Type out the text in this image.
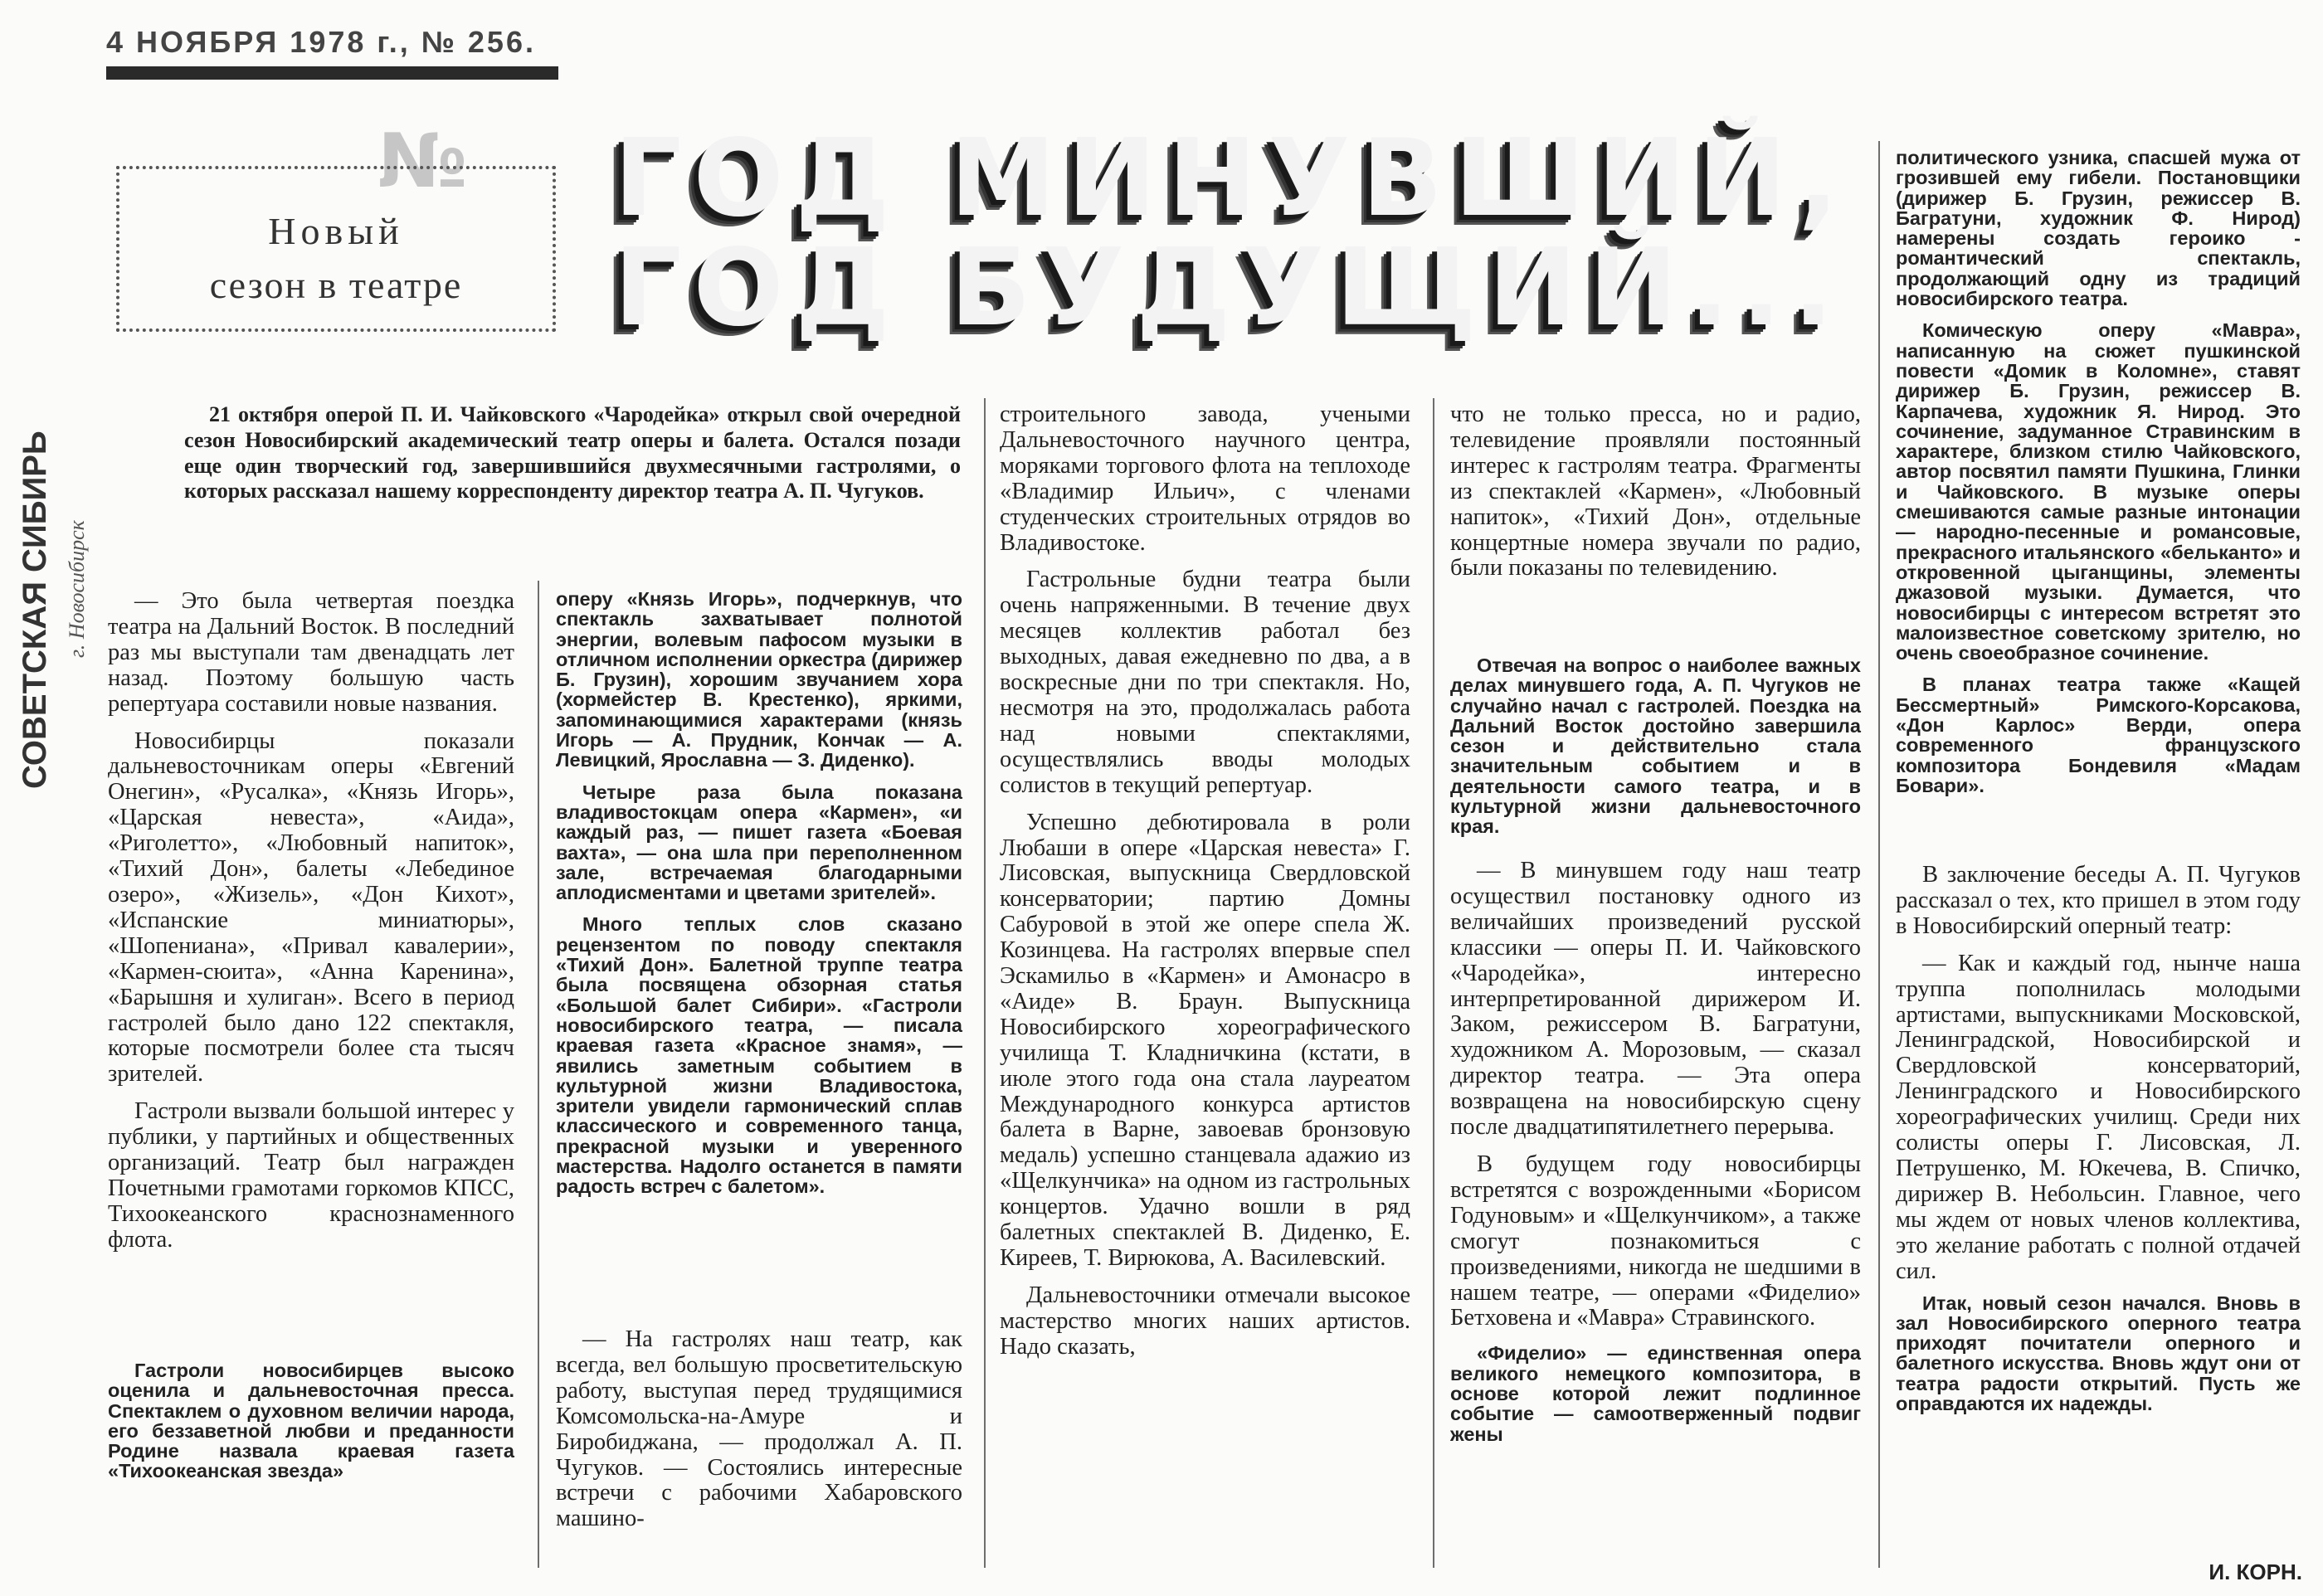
4 НОЯБРЯ 1978 г., № 256.
№
Новый
сезон в театре
ГОД МИНУВШИЙ,
ГОД БУДУЩИЙ...
СОВЕТСКАЯ СИБИРЬ г. Новосибирск
21 октября оперой П. И. Чайковского «Чародейка» открыл свой очередной сезон Новосибирский академический театр оперы и балета. Остался позади еще один творческий год, завершившийся двухмесячными гастролями, о которых рассказал нашему корреспонденту директор театра А. П. Чугуков.

— Это была четвертая поездка театра на Дальний Восток. В последний раз мы выступали там двенадцать лет назад. Поэтому большую часть репертуара составили новые названия.

Новосибирцы показали дальневосточникам оперы «Евгений Онегин», «Русалка», «Князь Игорь», «Царская невеста», «Аида», «Риголетто», «Любовный напиток», «Тихий Дон», балеты «Лебединое озеро», «Жизель», «Дон Кихот», «Испанские миниатюры», «Шопениана», «Привал кавалерии», «Кармен-сюита», «Анна Каренина», «Барышня и хулиган». Всего в период гастролей было дано 122 спектакля, которые посмотрели более ста тысяч зрителей.

Гастроли вызвали большой интерес у публики, у партийных и общественных организаций. Театр был награжден Почетными грамотами горкомов КПСС, Тихоокеанского краснознаменного флота.

Гастроли новосибирцев высоко оценила и дальневосточная пресса. Спектаклем о духовном величии народа, его беззаветной любви и преданности Родине назвала краевая газета «Тихоокеанская звезда»

оперу «Князь Игорь», подчеркнув, что спектакль захватывает полнотой энергии, волевым пафосом музыки в отличном исполнении оркестра (дирижер Б. Грузин), хорошим звучанием хора (хормейстер В. Крестенко), яркими, запоминающимися характерами (князь Игорь — А. Прудник, Кончак — А. Левицкий, Ярославна — З. Диденко).

Четыре раза была показана владивостокцам опера «Кармен», «и каждый раз, — пишет газета «Боевая вахта», — она шла при переполненном зале, встречаемая благодарными аплодисментами и цветами зрителей».

Много теплых слов сказано рецензентом по поводу спектакля «Тихий Дон». Балетной труппе театра была посвящена обзорная статья «Большой балет Сибири». «Гастроли новосибирского театра, — писала краевая газета «Красное знамя», — явились заметным событием в культурной жизни Владивостока, зрители увидели гармонический сплав классического и современного танца, прекрасной музыки и уверенного мастерства. Надолго останется в памяти радость встреч с балетом».

— На гастролях наш театр, как всегда, вел большую просветительскую работу, выступая перед трудящимися Комсомольска-на-Амуре и Биробиджана, — продолжал А. П. Чугуков. — Состоялись интересные встречи с рабочими Хабаровского машино-

строительного завода, учеными Дальневосточного научного центра, моряками торгового флота на теплоходе «Владимир Ильич», с членами студенческих строительных отрядов во Владивостоке.

Гастрольные будни театра были очень напряженными. В течение двух месяцев коллектив работал без выходных, давая ежедневно по два, а в воскресные дни по три спектакля. Но, несмотря на это, продолжалась работа над новыми спектаклями, осуществлялись вводы молодых солистов в текущий репертуар.

Успешно дебютировала в роли Любаши в опере «Царская невеста» Г. Лисовская, выпускница Свердловской консерватории; партию Домны Сабуровой в этой же опере спела Ж. Козинцева. На гастролях впервые спел Эскамильо в «Кармен» и Амонасро в «Аиде» В. Браун. Выпускница Новосибирского хореографического училища Т. Кладничкина (кстати, в июле этого года она стала лауреатом Международного конкурса артистов балета в Варне, завоевав бронзовую медаль) успешно станцевала адажио из «Щелкунчика» на одном из гастрольных концертов. Удачно вошли в ряд балетных спектаклей В. Диденко, Е. Киреев, Т. Вирюкова, А. Василевский.

Дальневосточники отмечали высокое мастерство многих наших артистов. Надо сказать,

что не только пресса, но и радио, телевидение проявляли постоянный интерес к гастролям театра. Фрагменты из спектаклей «Кармен», «Любовный напиток», «Тихий Дон», отдельные концертные номера звучали по радио, были показаны по телевидению.

Отвечая на вопрос о наиболее важных делах минувшего года, А. П. Чугуков не случайно начал с гастролей. Поездка на Дальний Восток достойно завершила сезон и действительно стала значительным событием и в деятельности самого театра, и в культурной жизни дальневосточного края.

— В минувшем году наш театр осуществил постановку одного из величайших произведений русской классики — оперы П. И. Чайковского «Чародейка», интересно интерпретированной дирижером И. Заком, режиссером В. Багратуни, художником А. Морозовым, — сказал директор театра. — Эта опера возвращена на новосибирскую сцену после двадцатипятилетнего перерыва.

В будущем году новосибирцы встретятся с возрожденными «Борисом Годуновым» и «Щелкунчиком», а также смогут познакомиться с произведениями, никогда не шедшими в нашем театре, — операми «Фиделио» Бетховена и «Мавра» Стравинского.

«Фиделио» — единственная опера великого немецкого композитора, в основе которой лежит подлинное событие — самоотверженный подвиг жены

политического узника, спасшей мужа от грозившей ему гибели. Постановщики (дирижер Б. Грузин, режиссер В. Багратуни, художник Ф. Нирод) намерены создать героико - романтический спектакль, продолжающий одну из традиций новосибирского театра.

Комическую оперу «Мавра», написанную на сюжет пушкинской повести «Домик в Коломне», ставят дирижер Б. Грузин, режиссер В. Карпачева, художник Я. Нирод. Это сочинение, задуманное Стравинским в характере, близком стилю Чайковского, автор посвятил памяти Пушкина, Глинки и Чайковского. В музыке оперы смешиваются самые разные интонации — народно-песенные и романсовые, прекрасного итальянского «бельканто» и откровенной цыганщины, элементы джазовой музыки. Думается, что новосибирцы с интересом встретят это малоизвестное советскому зрителю, но очень своеобразное сочинение.

В планах театра также «Кащей Бессмертный» Римского-Корсакова, «Дон Карлос» Верди, опера современного французского композитора Бондевиля «Мадам Бовари».

В заключение беседы А. П. Чугуков рассказал о тех, кто пришел в этом году в Новосибирский оперный театр:

— Как и каждый год, нынче наша труппа пополнилась молодыми артистами, выпускниками Московской, Ленинградской, Новосибирской и Свердловской консерваторий, Ленинградского и Новосибирского хореографических училищ. Среди них солисты оперы Г. Лисовская, Л. Петрушенко, М. Юкечева, В. Спичко, дирижер В. Небольсин. Главное, чего мы ждем от новых членов коллектива, это желание работать с полной отдачей сил.

Итак, новый сезон начался. Вновь в зал Новосибирского оперного театра приходят почитатели оперного и балетного искусства. Вновь ждут они от театра радости открытий. Пусть же оправдаются их надежды.

И. КОРН.
